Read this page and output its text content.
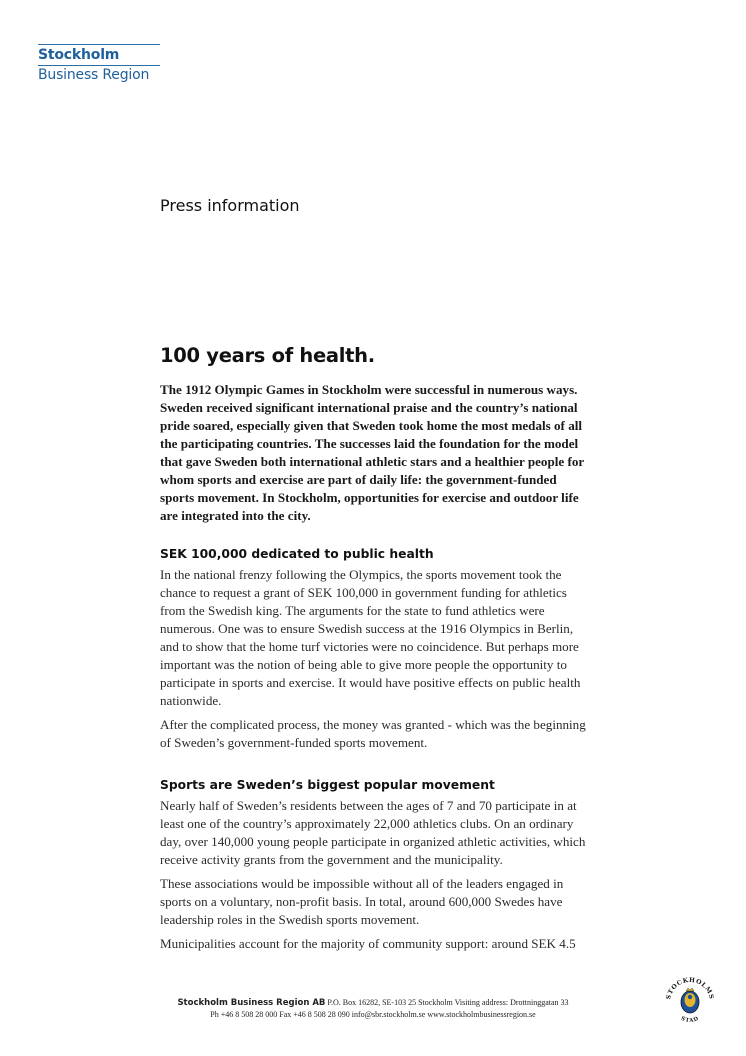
Stockholm
Business Region
Press information
100 years of health.

The 1912 Olympic Games in Stockholm were successful in numerous ways. Sweden received significant international praise and the country’s national pride soared, especially given that Sweden took home the most medals of all the participating countries. The successes laid the foundation for the model that gave Sweden both international athletic stars and a healthier people for whom sports and exercise are part of daily life: the government-funded sports movement. In Stockholm, opportunities for exercise and outdoor life are integrated into the city.

SEK 100,000 dedicated to public health

In the national frenzy following the Olympics, the sports movement took the chance to request a grant of SEK 100,000 in government funding for athletics from the Swedish king. The arguments for the state to fund athletics were numerous. One was to ensure Swedish success at the 1916 Olympics in Berlin, and to show that the home turf victories were no coincidence. But perhaps more important was the notion of being able to give more people the opportunity to participate in sports and exercise. It would have positive effects on public health nationwide.

After the complicated process, the money was granted - which was the beginning of Sweden’s government-funded sports movement.

Sports are Sweden’s biggest popular movement

Nearly half of Sweden’s residents between the ages of 7 and 70 participate in at least one of the country’s approximately 22,000 athletics clubs. On an ordinary day, over 140,000 young people participate in organized athletic activities, which receive activity grants from the government and the municipality.

These associations would be impossible without all of the leaders engaged in sports on a voluntary, non-profit basis. In total, around 600,000 Swedes have leadership roles in the Swedish sports movement.

Municipalities account for the majority of community support: around SEK 4.5

Stockholm Business Region AB P.O. Box 16282, SE-103 25 Stockholm Visiting address: Drottninggatan 33
Ph +46 8 508 28 000 Fax +46 8 508 28 090 info@sbr.stockholm.se www.stockholmbusinessregion.se
STOCKHOLMS
STAD
